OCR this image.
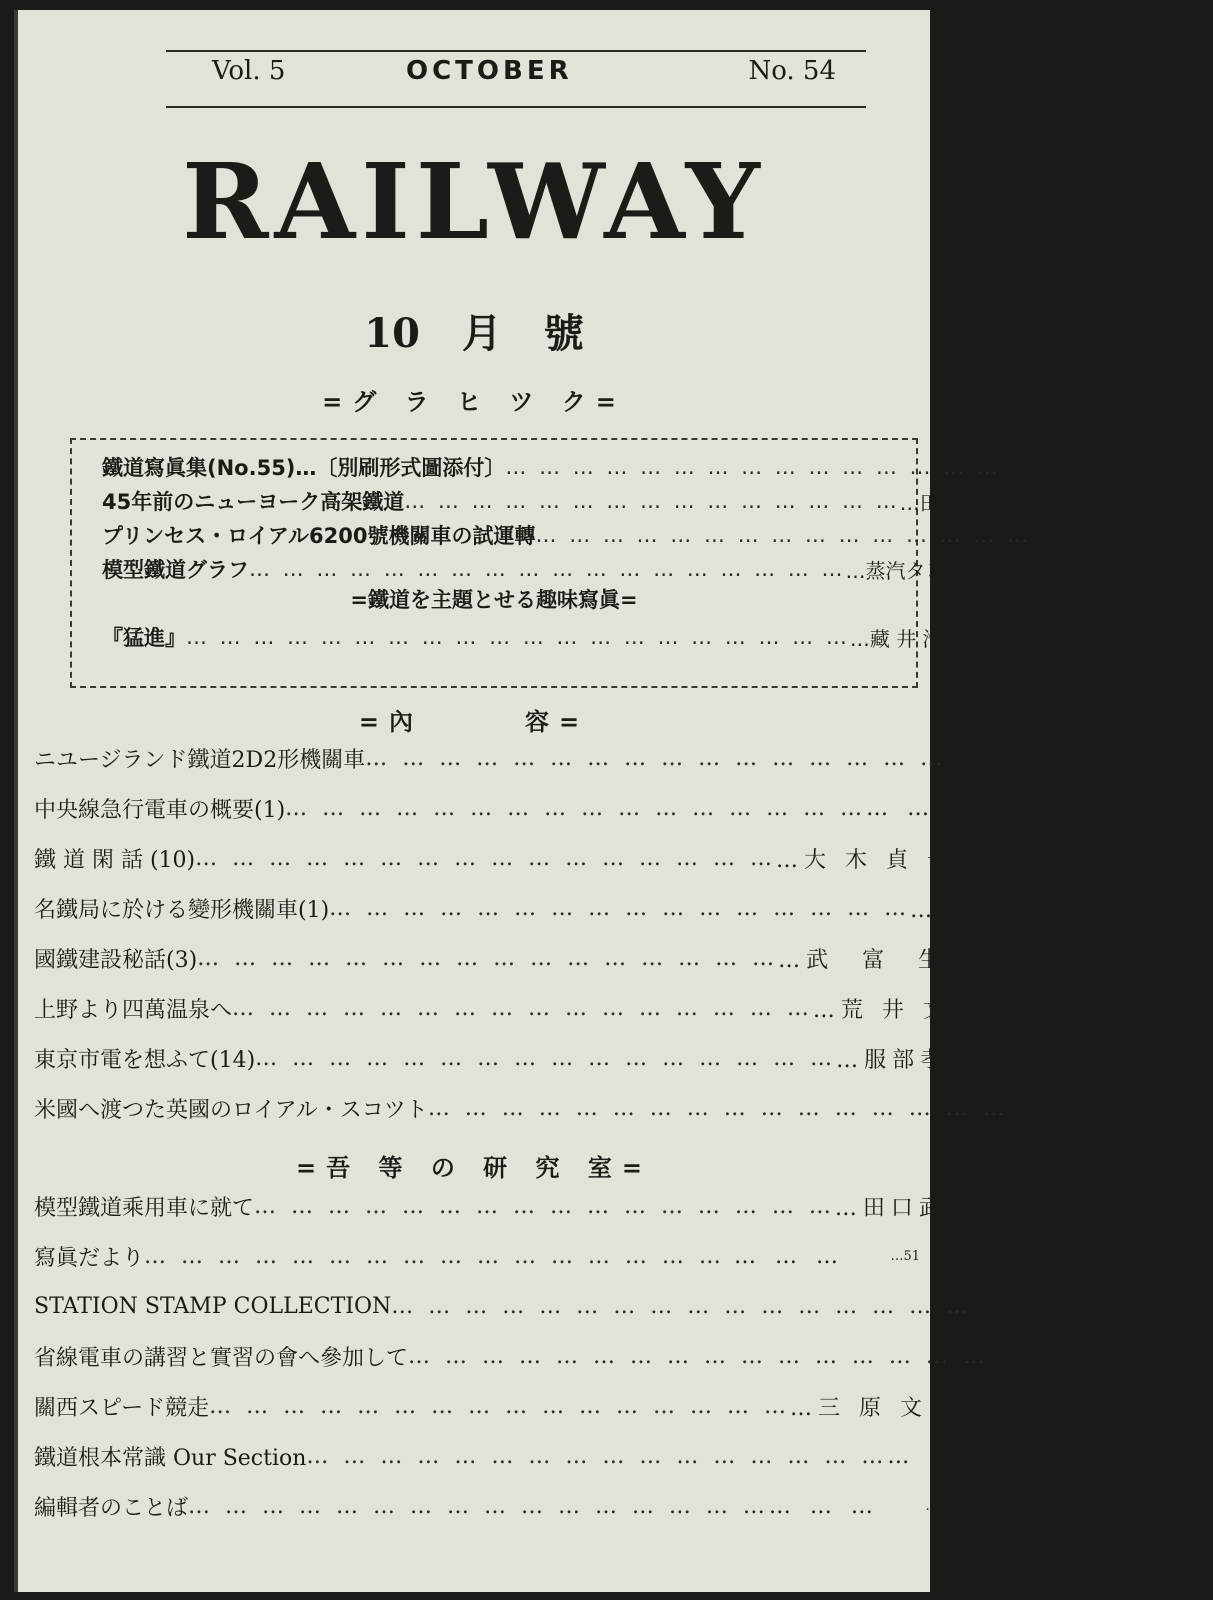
Vol. 5	OCTOBER	No. 54
RAILWAY
10 月 號
=グ ラ ヒ ツ ク=
鐵道寫眞集(No.55)…〔別刷形式圖添付〕 … … … … … … … … … … … … … … … …モハ 34 形電動車
45年前のニューヨーク高架鐵道 … … … … … … … … … … … … … … … …田口武二郎氏秘藏
プリンセス・ロイアル6200號機關車の試運轉 … … … … … … … … … … … … … … … …島田昇太郎氏 譯
模型鐵道グラフ … … … … … … … … … … … … … … … … … … …蒸汽タンク機關車
=鐵道を主題とせる趣味寫眞=
『猛進』 … … … … … … … … … … … … … … … … … … … … …藏 井 浩 三 氏作
=內　　　容=
ニユージランド鐵道2D2形機關車 … … … … … … … … … … … … … … … … …林　良　吉	…1
中央線急行電車の概要(1) … … … … … … … … … … … … … … … … … … … …	…4
鐵 道 閑 話 (10) … … … … … … … … … … … … … … … … …大 木 貞 一	…8
名鐵局に於ける變形機關車(1) … … … … … … … … … … … … … … … … …井　尻　生 …12
國鐵建設秘話(3) … … … … … … … … … … … … … … … … …武　富　生 …16
上野より四萬温泉へ … … … … … … … … … … … … … … … … …荒 井 文 治 …20
東京市電を想ふて(14) … … … … … … … … … … … … … … … … …服部孝次郎 …37
米國へ渡つた英國のロイアル・スコツト … … … … … … … … … … … … … … … … …島田昇太郎 …42
=吾 等 の 研 究 室=
模型鐵道乘用車に就て … … … … … … … … … … … … … … … … …田口武二郎 …48
寫眞だより … … … … … … … … … … … … … … … … … … …	…51
STATION STAMP COLLECTION … … … … … … … … … … … … … … … … …神 谷 光 一 …53
省線電車の講習と實習の會へ參加して … … … … … … … … … … … … … … … … …加 藤 壽 雄 …54
關西スピード競走 … … … … … … … … … … … … … … … … …三 原 文 雄 …61
鐵道根本常識 Our Section … … … … … … … … … … … … … … … … … … …	…62
編輯者のことば … … … … … … … … … … … … … … … … … … …	…64
